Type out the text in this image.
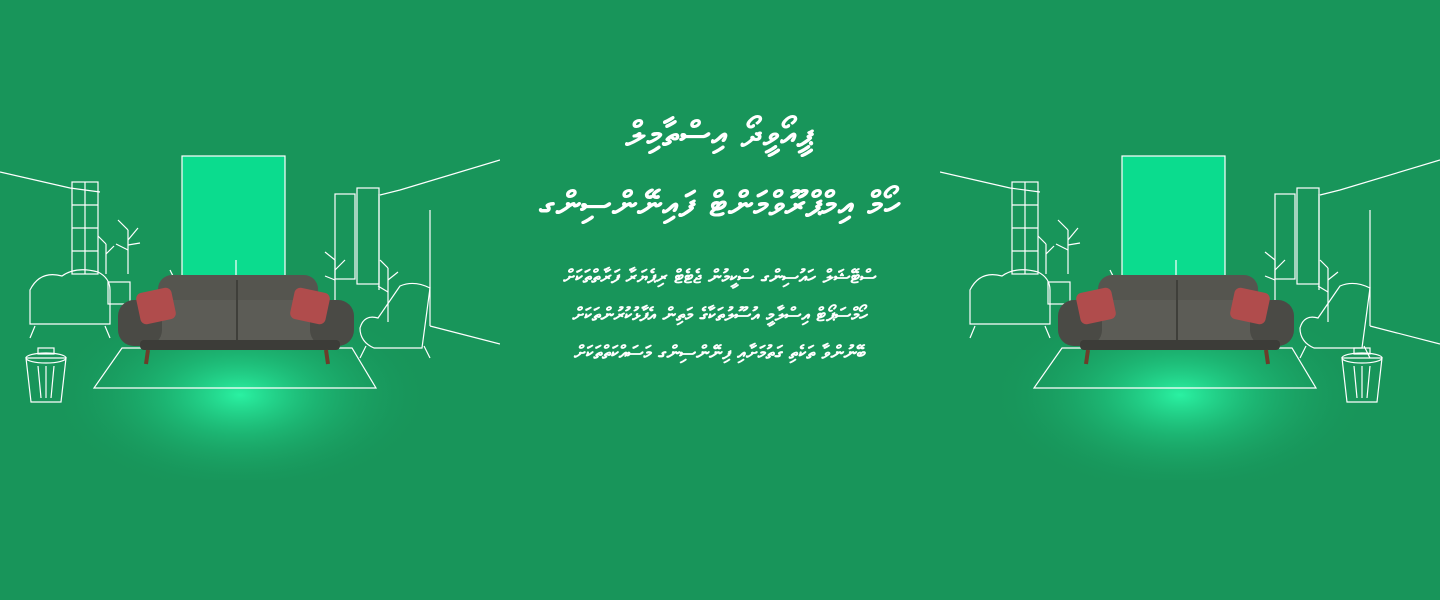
ޕީއޯވީދޯ އިސްތާމިލް
ހޯމް އިމްޕްރޫވްމަންޓް ފައިނޭންސިންގ

ސްޓޭޝަލް ހައުސިންގ ސްކީމުން ޖެޓެޓް ރިޕެޔަރާ ފަރާތްތަކަށް
ހޯމްސަޕޯޓް އިސްލާމީ އުސޫލުތަކާގެ މަތިން އެފާޅުކުރުންތަކަށް
ބޭނުންވާ ތަކެތި ގަތުމަށާއި ފިނޭންސިންގ މަސައްކަތްތަކަށް
